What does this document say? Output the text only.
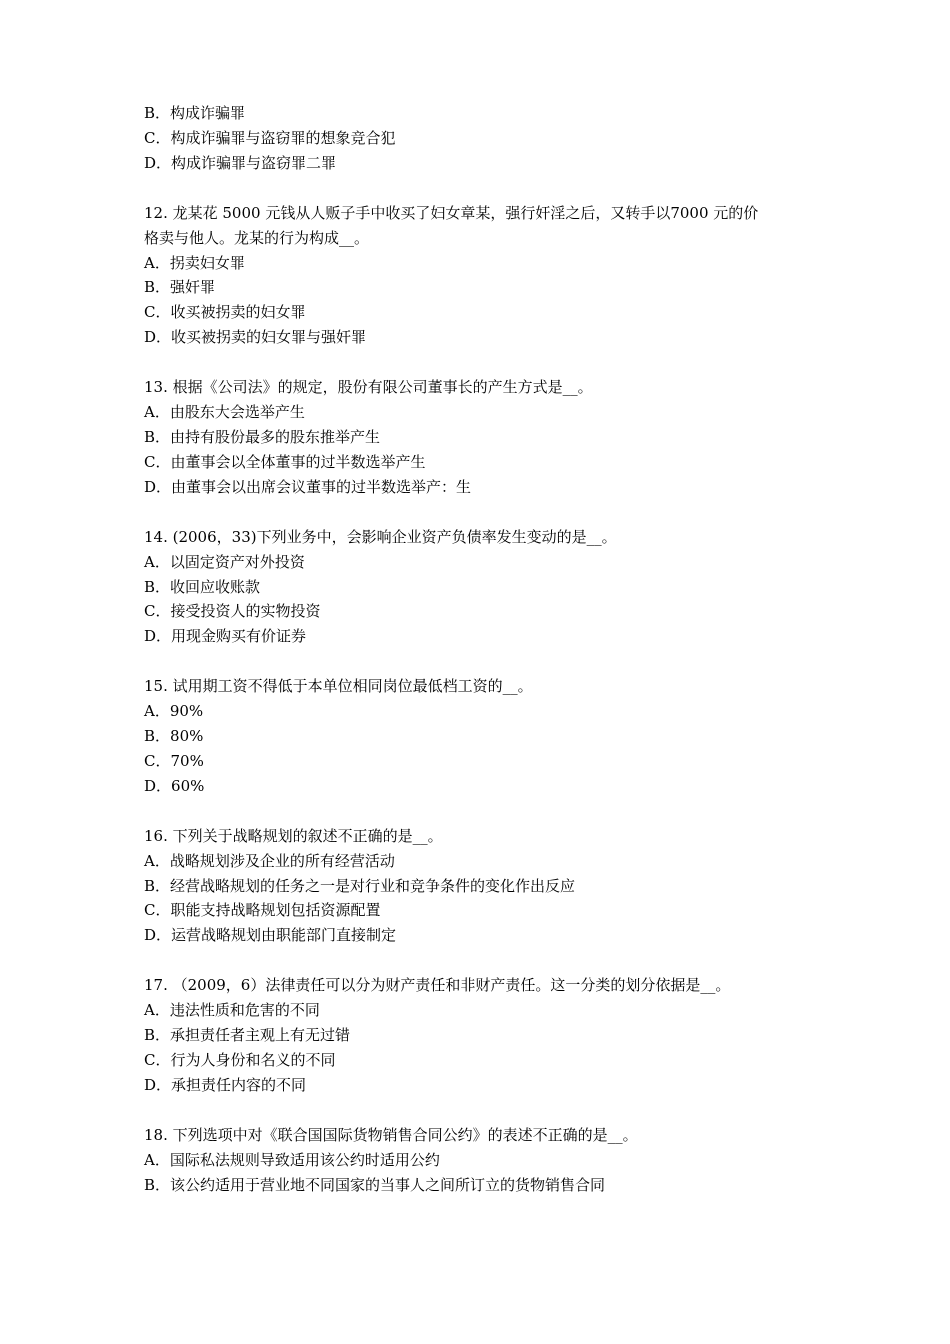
B．构成诈骗罪
C．构成诈骗罪与盗窃罪的想象竞合犯
D．构成诈骗罪与盗窃罪二罪
12. 龙某花 5000 元钱从人贩子手中收买了妇女章某，强行奸淫之后，又转手以7000 元的价
格卖与他人。龙某的行为构成__。
A．拐卖妇女罪
B．强奸罪
C．收买被拐卖的妇女罪
D．收买被拐卖的妇女罪与强奸罪
13. 根据《公司法》的规定，股份有限公司董事长的产生方式是__。
A．由股东大会选举产生
B．由持有股份最多的股东推举产生
C．由董事会以全体董事的过半数选举产生
D．由董事会以出席会议董事的过半数选举产：生
14. (2006，33)下列业务中，会影响企业资产负债率发生变动的是__。
A．以固定资产对外投资
B．收回应收账款
C．接受投资人的实物投资
D．用现金购买有价证券
15. 试用期工资不得低于本单位相同岗位最低档工资的__。
A．90%
B．80%
C．70%
D．60%
16. 下列关于战略规划的叙述不正确的是__。
A．战略规划涉及企业的所有经营活动
B．经营战略规划的任务之一是对行业和竞争条件的变化作出反应
C．职能支持战略规划包括资源配置
D．运营战略规划由职能部门直接制定
17. （2009，6）法律责任可以分为财产责任和非财产责任。这一分类的划分依据是__。
A．违法性质和危害的不同
B．承担责任者主观上有无过错
C．行为人身份和名义的不同
D．承担责任内容的不同
18. 下列选项中对《联合国国际货物销售合同公约》的表述不正确的是__。
A．国际私法规则导致适用该公约时适用公约
B．该公约适用于营业地不同国家的当事人之间所订立的货物销售合同
